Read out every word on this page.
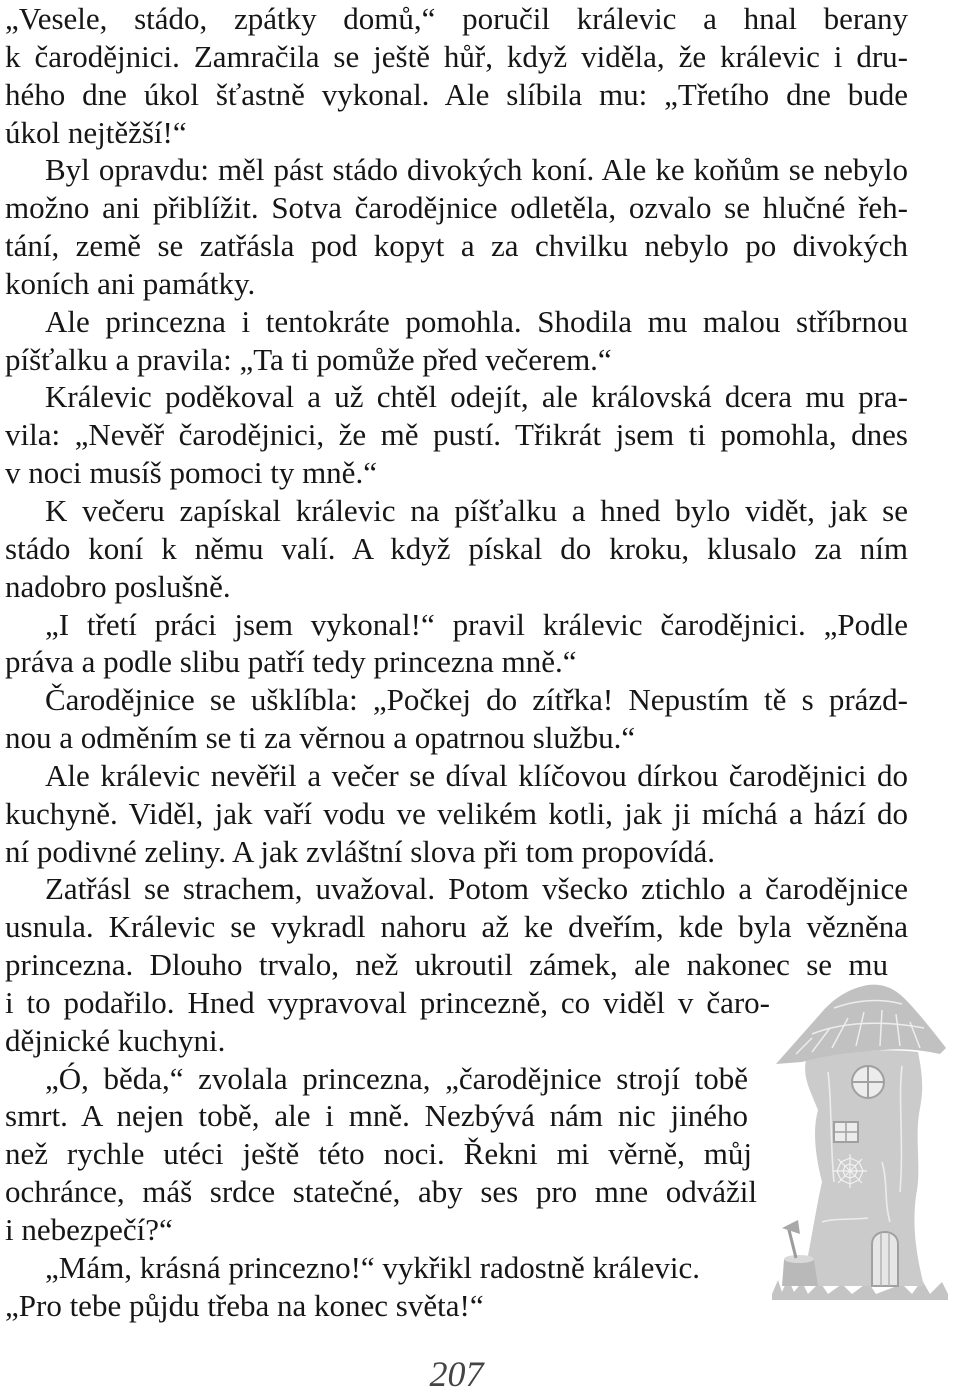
„Vesele, stádo, zpátky domů,“ poručil králevic a hnal berany
k čarodějnici. Zamračila se ještě hůř, když viděla, že králevic i dru-
hého dne úkol šťastně vykonal. Ale slíbila mu: „Třetího dne bude
úkol nejtěžší!“
Byl opravdu: měl pást stádo divokých koní. Ale ke koňům se nebylo
možno ani přiblížit. Sotva čarodějnice odletěla, ozvalo se hlučné řeh-
tání, země se zatřásla pod kopyt a za chvilku nebylo po divokých
koních ani památky.
Ale princezna i tentokráte pomohla. Shodila mu malou stříbrnou
píšťalku a pravila: „Ta ti pomůže před večerem.“
Králevic poděkoval a už chtěl odejít, ale královská dcera mu pra-
vila: „Nevěř čarodějnici, že mě pustí. Třikrát jsem ti pomohla, dnes
v noci musíš pomoci ty mně.“
K večeru zapískal králevic na píšťalku a hned bylo vidět, jak se
stádo koní k němu valí. A když pískal do kroku, klusalo za ním
nadobro poslušně.
„I třetí práci jsem vykonal!“ pravil králevic čarodějnici. „Podle
práva a podle slibu patří tedy princezna mně.“
Čarodějnice se ušklíbla: „Počkej do zítřka! Nepustím tě s prázd-
nou a odměním se ti za věrnou a opatrnou službu.“
Ale králevic nevěřil a večer se díval klíčovou dírkou čarodějnici do
kuchyně. Viděl, jak vaří vodu ve velikém kotli, jak ji míchá a hází do
ní podivné zeliny. A jak zvláštní slova při tom propovídá.
Zatřásl se strachem, uvažoval. Potom všecko ztichlo a čarodějnice
usnula. Králevic se vykradl nahoru až ke dveřím, kde byla vězněna
princezna. Dlouho trvalo, než ukroutil zámek, ale nakonec se mu
i to podařilo. Hned vypravoval princezně, co viděl v čaro-
dějnické kuchyni.
„Ó, běda,“ zvolala princezna, „čarodějnice strojí tobě
smrt. A nejen tobě, ale i mně. Nezbývá nám nic jiného
než rychle utéci ještě této noci. Řekni mi věrně, můj
ochránce, máš srdce statečné, aby ses pro mne odvážil
i nebezpečí?“
„Mám, krásná princezno!“ vykřikl radostně králevic.
„Pro tebe půjdu třeba na konec světa!“
207
